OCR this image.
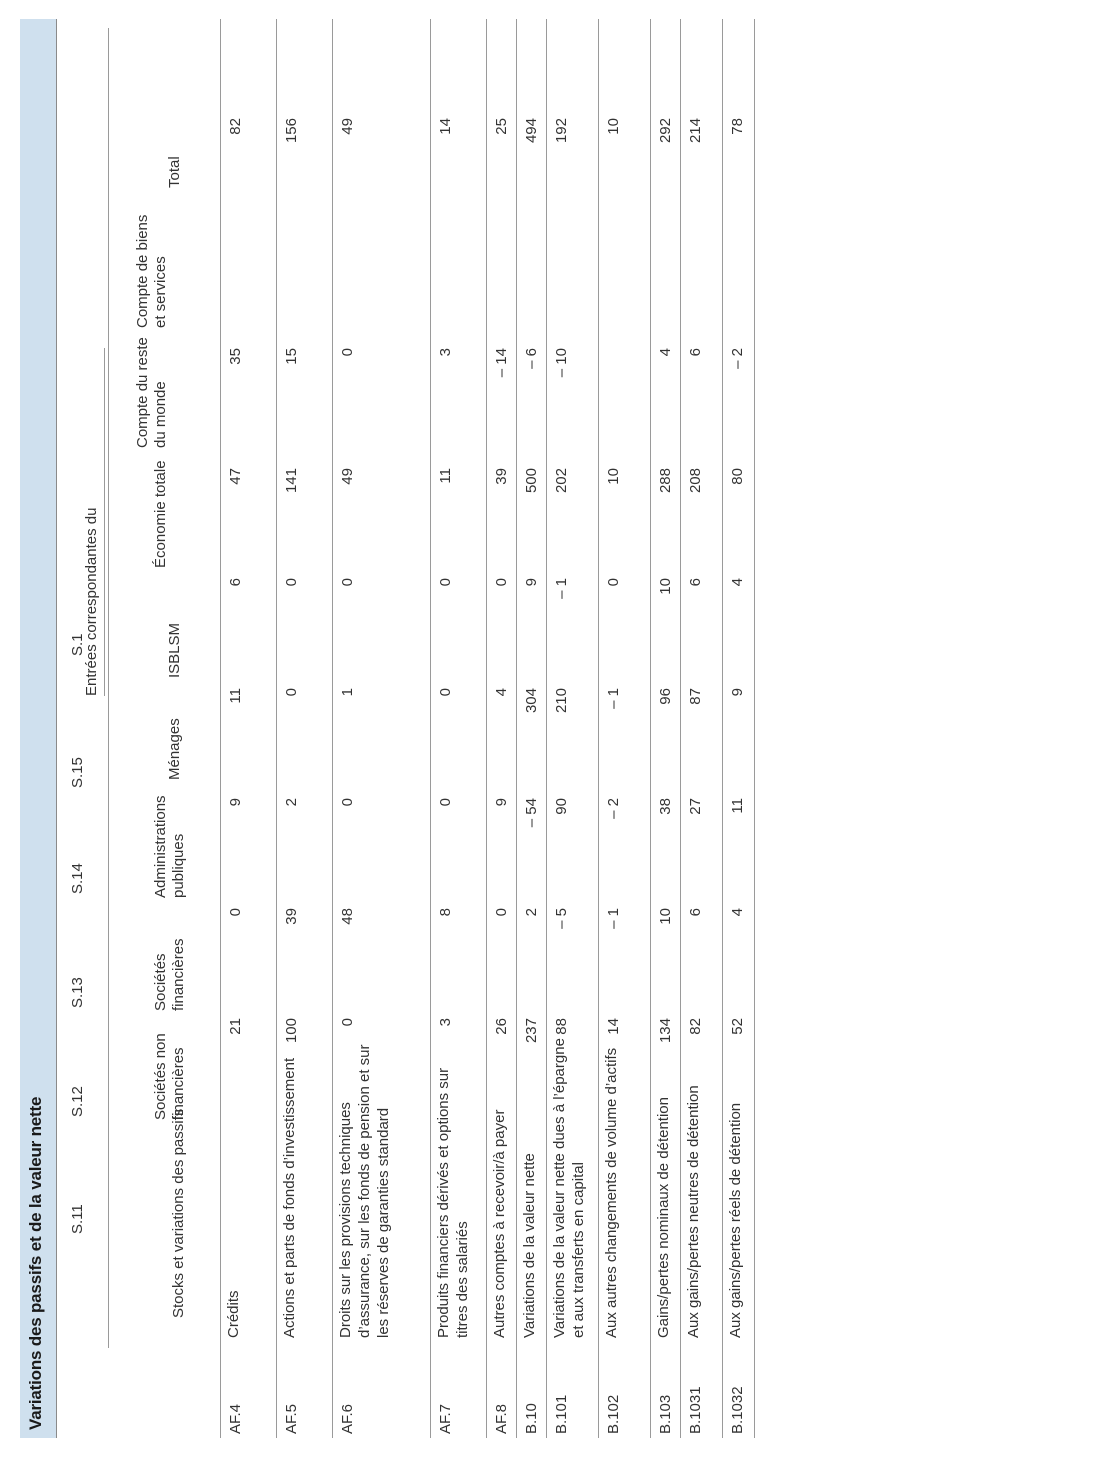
Variations des passifs et de la valeur nette S.11
S.12
S.13
S.14
S.15
S.1
Entrées correspondantes du
Stocks et variations des passifs
Sociétés non financières
Sociétés financières
Administrations publiques
Ménages
ISBLSM
Économie totale
Compte du reste du monde
Compte de biens et services
Total
AF.4
Crédits
21
0
9
11
6
47
35
82
AF.5
Actions et parts de fonds d’investissement
100
39
2
0
0
141
15
156
AF.6
Droits sur les provisions techniques d’assurance, sur les fonds de pension et sur les réserves de garanties standard
0
48
0
1
0
49
0
49
AF.7
Produits financiers dérivés et options sur titres des salariés
3
8
0
0
0
11
3
14
AF.8
Autres comptes à recevoir/à payer
26
0
9
4
0
39
– 14
25
B.10
Variations de la valeur nette
237
2
– 54
304
9
500
– 6
494
B.101
Variations de la valeur nette dues à l’épargne et aux transferts en capital
88
– 5
90
210
– 1
202
– 10
192
B.102
Aux autres changements de volume d’actifs
14
– 1
– 2
– 1
0
10
10
B.103
Gains/pertes nominaux de détention
134
10
38
96
10
288
4
292
B.1031
Aux gains/pertes neutres de détention
82
6
27
87
6
208
6
214
B.1032
Aux gains/pertes réels de détention
52
4
11
9
4
80
– 2
78
